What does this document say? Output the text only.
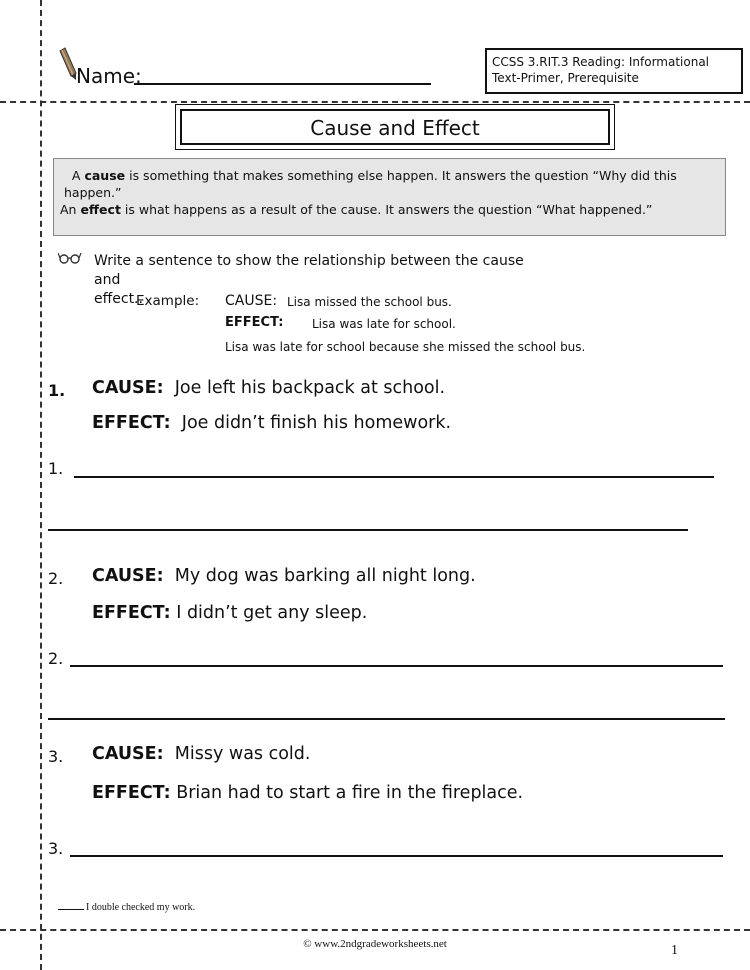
Name:
CCSS 3.RIT.3 Reading: Informational
Text-Primer, Prerequisite
Cause and Effect

A cause is something that makes something else happen. It answers the question “Why did this

happen.”

An effect is what happens as a result of the cause. It answers the question “What happened.”

Write a sentence to show the relationship between the cause and
effect..
Example: CAUSE: Lisa missed the school bus.
EFFECT: Lisa was late for school.
Lisa was late for school because she missed the school bus.
1. CAUSE: Joe left his backpack at school.
EFFECT: Joe didn’t finish his homework.
1.
2. CAUSE: My dog was barking all night long.
EFFECT: I didn’t get any sleep.
2.
3. CAUSE: Missy was cold.
EFFECT: Brian had to start a fire in the fireplace.
3.
I double checked my work.
© www.2ndgradeworksheets.net	1
